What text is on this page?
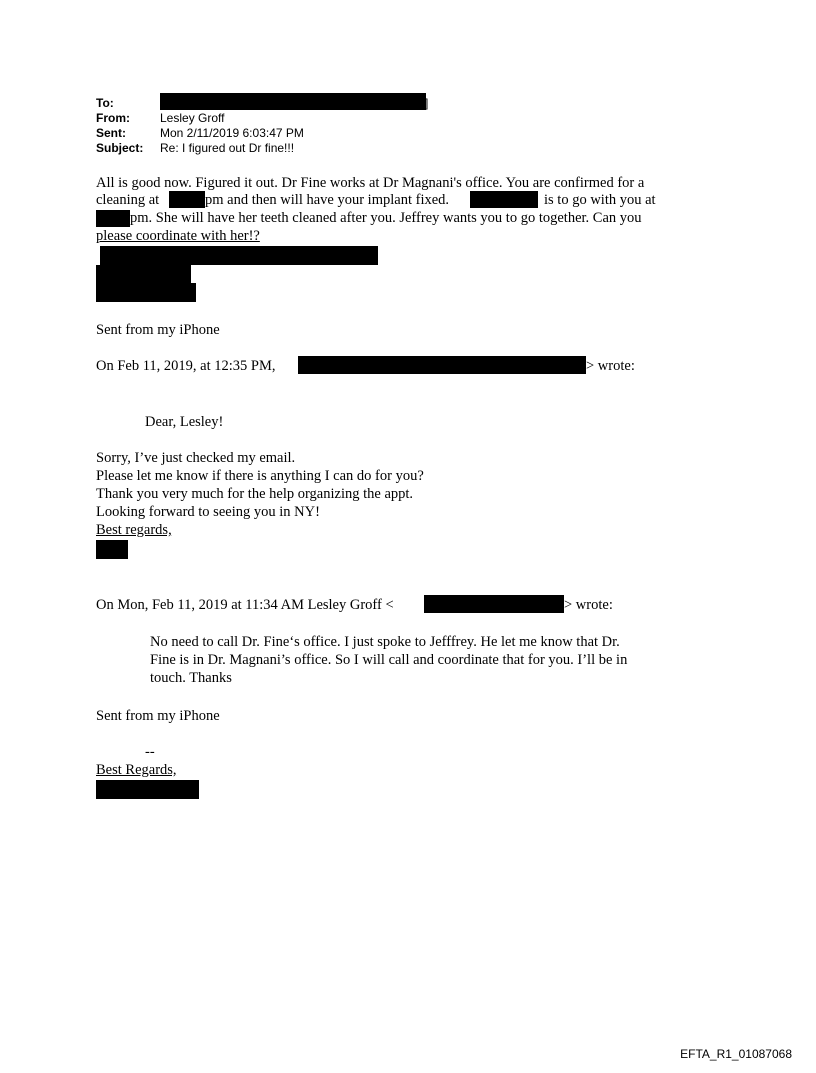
To:	]
From:	Lesley Groff
Sent:	Mon 2/11/2019 6:03:47 PM
Subject: Re: I figured out Dr fine!!!
All is good now. Figured it out. Dr Fine works at Dr Magnani's office. You are confirmed for a
cleaning at	pm and then will have your implant fixed.	is to go with you at
pm. She will have her teeth cleaned after you. Jeffrey wants you to go together. Can you
please coordinate with her!?
Sent from my iPhone
On Feb 11, 2019, at 12:35 PM,	> wrote:
Dear, Lesley!
Sorry, I’ve just checked my email.
Please let me know if there is anything I can do for you?
Thank you very much for the help organizing the appt.
Looking forward to seeing you in NY!
Best regards,
On Mon, Feb 11, 2019 at 11:34 AM Lesley Groff <	> wrote:
No need to call Dr. Fine‘s office. I just spoke to Jefffrey. He let me know that Dr.
Fine is in Dr. Magnani’s office. So I will call and coordinate that for you. I’ll be in
touch. Thanks
Sent from my iPhone
--
Best Regards,
EFTA_R1_01087068
